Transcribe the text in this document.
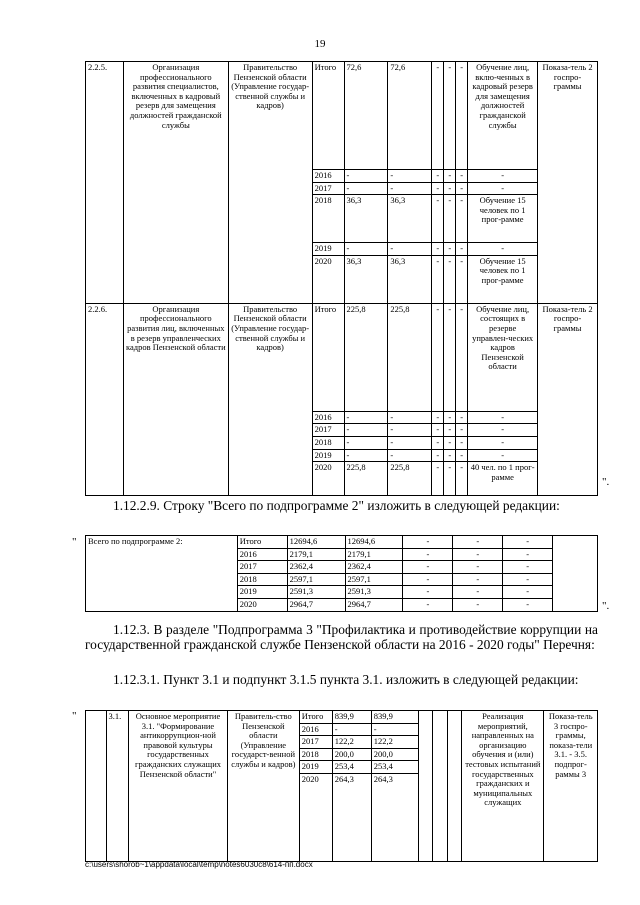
19
2.2.5.	Организация профессионального развития специалистов, включенных в кадровый резерв для замещения должностей гражданской службы	Правительство Пензенской области (Управление государ-ственной службы и кадров)	Итого	72,6	72,6	-	-	-	Обучение лиц, вклю-ченных в кадровый резерв для замещения должностей гражданской службы	Показа-тель 2 госпро-граммы
			2016	-	-	-	-	-	-	
			2017	-	-	-	-	-	-	
			2018	36,3	36,3	-	-	-	Обучение 15 человек по 1 прог-рамме	
			2019	-	-	-	-	-	-	
			2020	36,3	36,3	-	-	-	Обучение 15 человек по 1 прог-рамме	
2.2.6.	Организация профессионального развития лиц, включенных в резерв управленческих кадров Пензенской области	Правительство Пензенской области (Управление государ-ственной службы и кадров)	Итого	225,8	225,8	-	-	-	Обучение лиц, состоящих в резерве управлен-ческих кадров Пензенской области	Показа-тель 2 госпро-граммы
			2016	-	-	-	-	-	-	
			2017	-	-	-	-	-	-	
			2018	-	-	-	-	-	-	
			2019	-	-	-	-	-	-	
			2020	225,8	225,8	-	-	-	40 чел. по 1 прог-рамме		".
1.12.2.9. Строку "Всего по подпрограмме 2" изложить в следующей редакции:
" Всего по подпрограмме 2:	Итого	12694,6	12694,6	-	-	-	
	2016	2179,1	2179,1	-	-	-	
	2017	2362,4	2362,4	-	-	-	
	2018	2597,1	2597,1	-	-	-	
	2019	2591,3	2591,3	-	-	-	
	2020	2964,7	2964,7	-	-	-		".
1.12.3. В разделе "Подпрограмма 3 "Профилактика и противодействие коррупции на государственной гражданской службе Пензенской области на 2016 - 2020 годы" Перечня:
1.12.3.1. Пункт 3.1 и подпункт 3.1.5 пункта 3.1. изложить в следующей редакции:
"
		3.1.	Основное мероприятие 3.1. "Формирование антикоррупцион-ной правовой культуры государственных гражданских служащих Пензенской области"	Правитель-ство Пензенской области (Управление государст-венной службы и кадров)	Итого	839,9	839,9				Реализация мероприятий, направленных на организацию обучения и (или) тестовых испытаний государственных гражданских и муниципальных служащих	Показа-тель 3 госпро-граммы, показа-тели 3.1. - 3.5. подпрог-раммы 3
				2016	-	-					
				2017	122,2	122,2					
				2018	200,0	200,0					
				2019	253,4	253,4					
				2020	264,3	264,3					
c:\users\shorob~1\appdata\local\temp\notes6030c8\614-пп.docx
